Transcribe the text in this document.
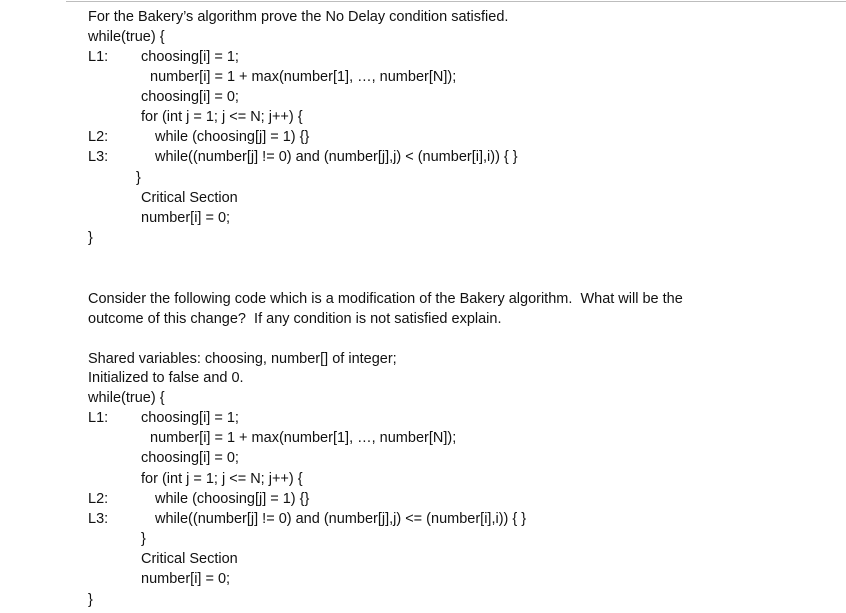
For the Bakery’s algorithm prove the No Delay condition satisfied.
while(true) {
L1: choosing[i] = 1;
number[i] = 1 + max(number[1], …, number[N]);
choosing[i] = 0;
for (int j = 1; j <= N; j++) {
L2:	while (choosing[j] = 1) {}
L3:	while((number[j] != 0) and (number[j],j) < (number[i],i)) { }
}
Critical Section
number[i] = 0;
}
Consider the following code which is a modification of the Bakery algorithm.  What will be the
outcome of this change?  If any condition is not satisfied explain.
Shared variables: choosing, number[] of integer;
Initialized to false and 0.
while(true) {
L1: choosing[i] = 1;
number[i] = 1 + max(number[1], …, number[N]);
choosing[i] = 0;
for (int j = 1; j <= N; j++) {
L2:	while (choosing[j] = 1) {}
L3:	while((number[j] != 0) and (number[j],j) <= (number[i],i)) { }
}
Critical Section
number[i] = 0;
}
